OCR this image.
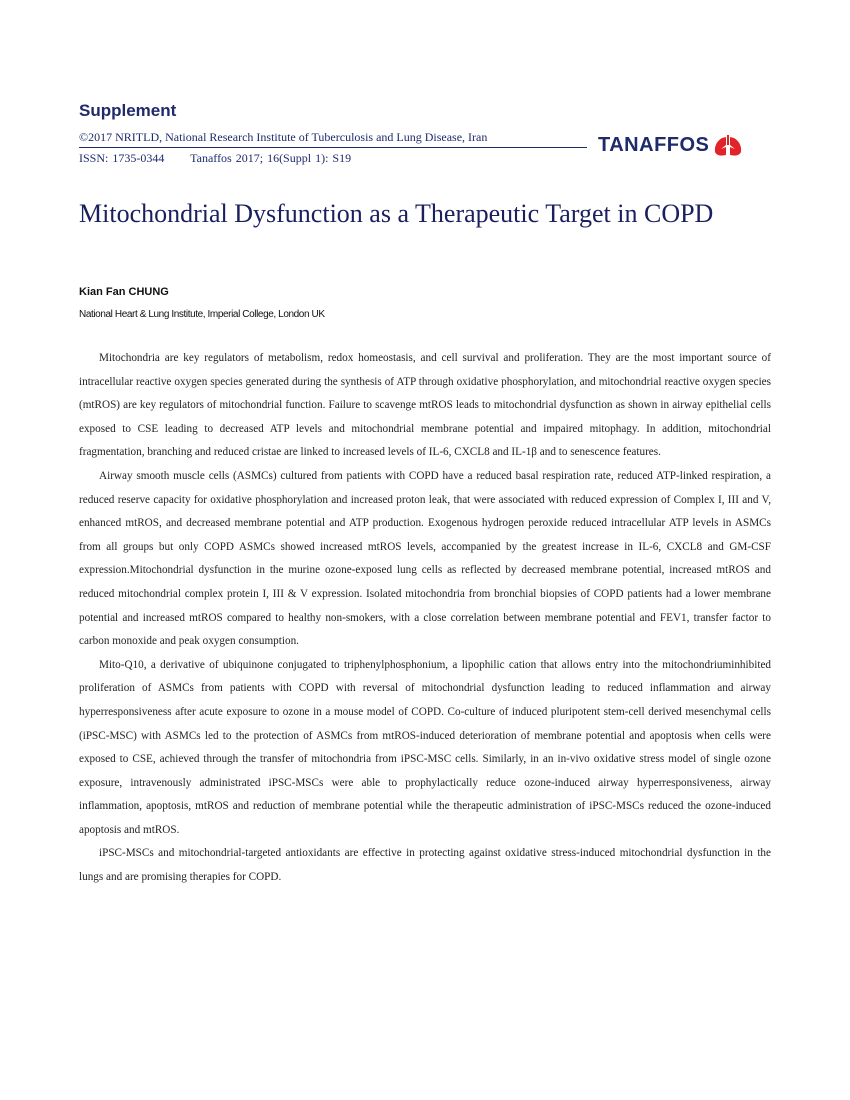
Supplement
©2017 NRITLD, National Research Institute of Tuberculosis and Lung Disease, Iran
ISSN: 1735-0344 Tanaffos 2017; 16(Suppl 1): S19
TANAFFOS
Mitochondrial Dysfunction as a Therapeutic Target in COPD
Kian Fan CHUNG
National Heart & Lung Institute, Imperial College, London UK

Mitochondria are key regulators of metabolism, redox homeostasis, and cell survival and proliferation. They are the most important source of intracellular reactive oxygen species generated during the synthesis of ATP through oxidative phosphorylation, and mitochondrial reactive oxygen species (mtROS) are key regulators of mitochondrial function. Failure to scavenge mtROS leads to mitochondrial dysfunction as shown in airway epithelial cells exposed to CSE leading to decreased ATP levels and mitochondrial membrane potential and impaired mitophagy. In addition, mitochondrial fragmentation, branching and reduced cristae are linked to increased levels of IL-6, CXCL8 and IL-1β and to senescence features.

Airway smooth muscle cells (ASMCs) cultured from patients with COPD have a reduced basal respiration rate, reduced ATP-linked respiration, a reduced reserve capacity for oxidative phosphorylation and increased proton leak, that were associated with reduced expression of Complex I, III and V, enhanced mtROS, and decreased membrane potential and ATP production. Exogenous hydrogen peroxide reduced intracellular ATP levels in ASMCs from all groups but only COPD ASMCs showed increased mtROS levels, accompanied by the greatest increase in IL-6, CXCL8 and GM-CSF expression.Mitochondrial dysfunction in the murine ozone-exposed lung cells as reflected by decreased membrane potential, increased mtROS and reduced mitochondrial complex protein I, III & V expression. Isolated mitochondria from bronchial biopsies of COPD patients had a lower membrane potential and increased mtROS compared to healthy non-smokers, with a close correlation between membrane potential and FEV1, transfer factor to carbon monoxide and peak oxygen consumption.

Mito-Q10, a derivative of ubiquinone conjugated to triphenylphosphonium, a lipophilic cation that allows entry into the mitochondriuminhibited proliferation of ASMCs from patients with COPD with reversal of mitochondrial dysfunction leading to reduced inflammation and airway hyperresponsiveness after acute exposure to ozone in a mouse model of COPD. Co-culture of induced pluripotent stem-cell derived mesenchymal cells (iPSC-MSC) with ASMCs led to the protection of ASMCs from mtROS-induced deterioration of membrane potential and apoptosis when cells were exposed to CSE, achieved through the transfer of mitochondria from iPSC-MSC cells. Similarly, in an in-vivo oxidative stress model of single ozone exposure, intravenously administrated iPSC-MSCs were able to prophylactically reduce ozone-induced airway hyperresponsiveness, airway inflammation, apoptosis, mtROS and reduction of membrane potential while the therapeutic administration of iPSC-MSCs reduced the ozone-induced apoptosis and mtROS.

iPSC-MSCs and mitochondrial-targeted antioxidants are effective in protecting against oxidative stress-induced mitochondrial dysfunction in the lungs and are promising therapies for COPD.
